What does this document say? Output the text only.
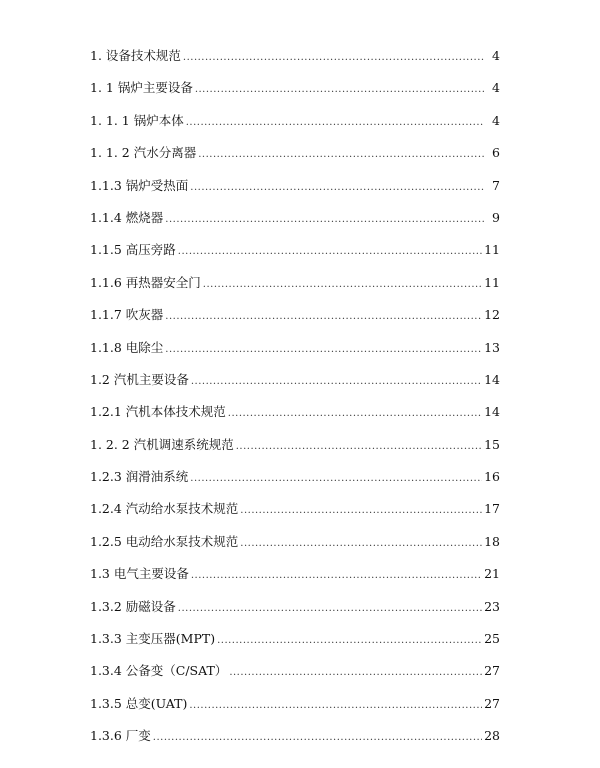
1. 设备技术规范 .....	4
1. 1 锅炉主要设备 .....	4
1. 1. 1 锅炉本体 .....	4
1. 1. 2 汽水分离器 .....	6
1.1.3 锅炉受热面 .....	7
1.1.4 燃烧器 .....	9
1.1.5 高压旁路 .....	11
1.1.6 再热器安全门 .....	11
1.1.7 吹灰器 .....	12
1.1.8 电除尘 .....	13
1.2 汽机主要设备 .....	14
1.2.1 汽机本体技术规范 .....	14
1. 2. 2 汽机调速系统规范 .....	15
1.2.3 润滑油系统 .....	16
1.2.4 汽动给水泵技术规范 .....	17
1.2.5 电动给水泵技术规范 .....	18
1.3 电气主要设备 .....	21
1.3.2 励磁设备 .....	23
1.3.3 主变压器(MPT) .....	25
1.3.4 公备变（C/SAT） .....	27
1.3.5 总变(UAT) .....	27
1.3.6 厂变 .....	28
